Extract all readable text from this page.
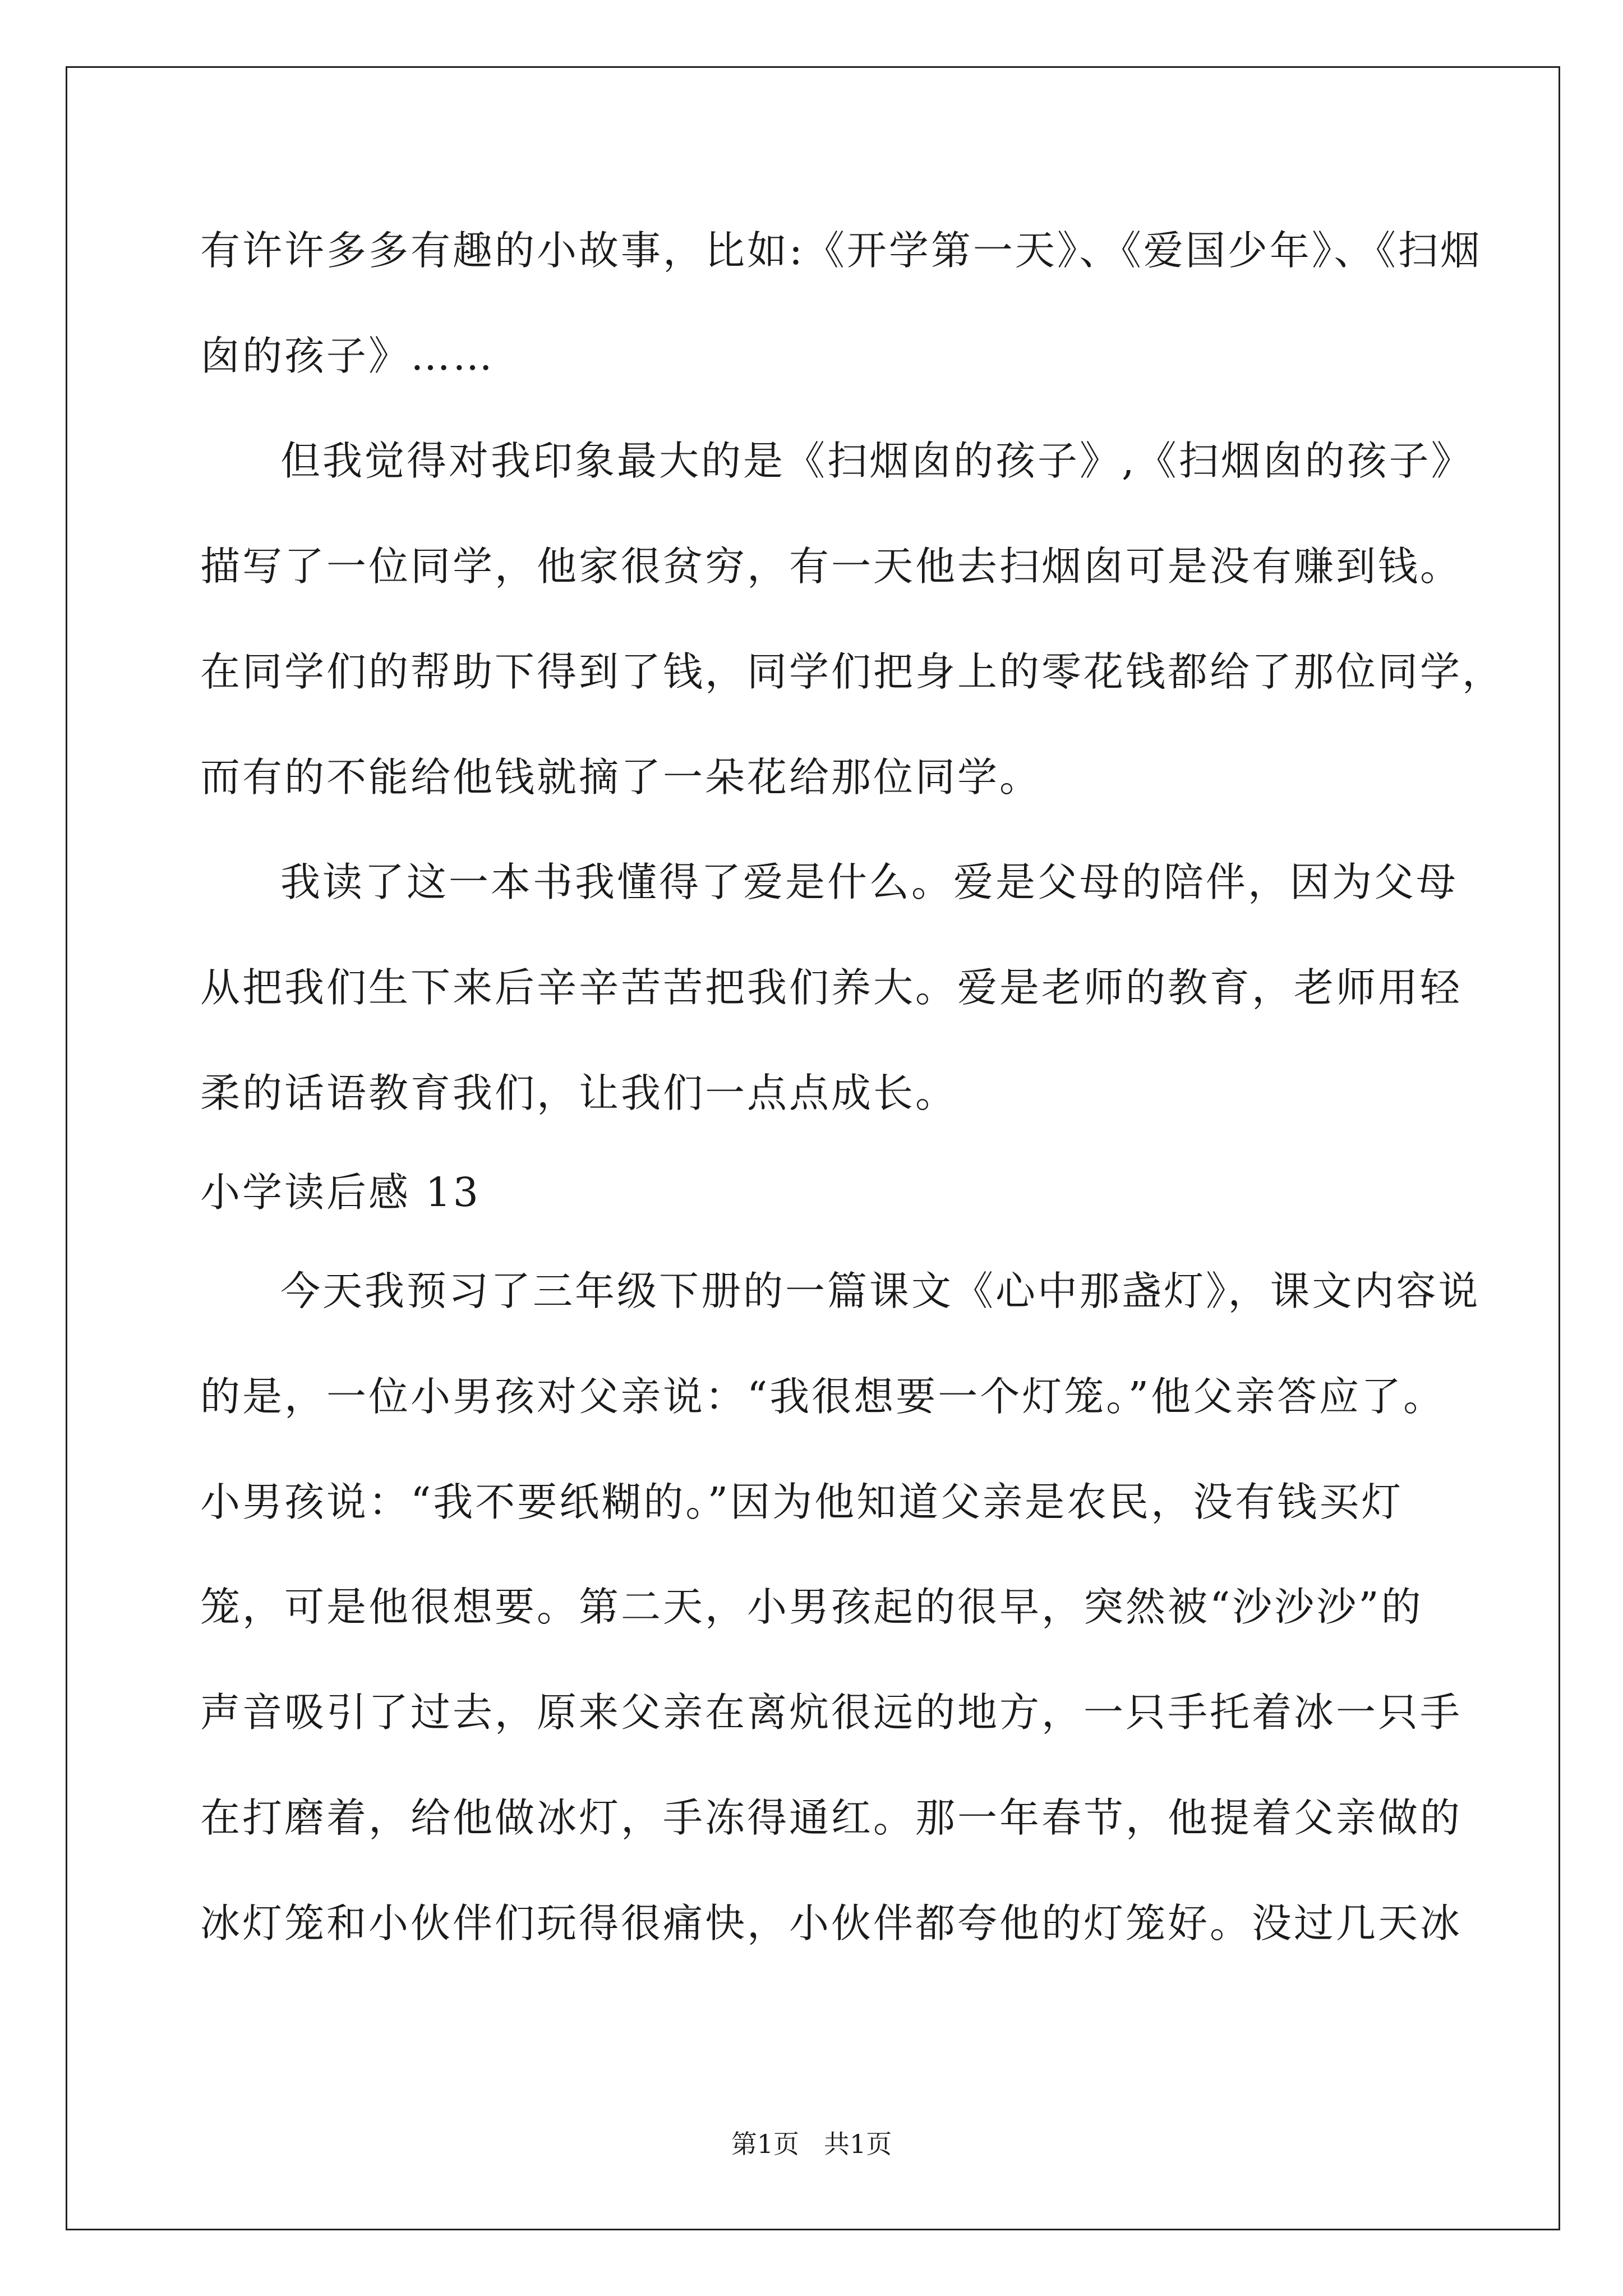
有许许多多有趣的小故事，比如:《开学第一天》、《爱国少年》、《扫烟
囱的孩子》……
但我觉得对我印象最大的是《扫烟囱的孩子》,《扫烟囱的孩子》
描写了一位同学，他家很贫穷，有一天他去扫烟囱可是没有赚到钱。
在同学们的帮助下得到了钱，同学们把身上的零花钱都给了那位同学，
而有的不能给他钱就摘了一朵花给那位同学。
我读了这一本书我懂得了爱是什么。爱是父母的陪伴，因为父母
从把我们生下来后辛辛苦苦把我们养大。爱是老师的教育，老师用轻
柔的话语教育我们，让我们一点点成长。
小学读后感 13
今天我预习了三年级下册的一篇课文《心中那盏灯》，课文内容说
的是，一位小男孩对父亲说：“我很想要一个灯笼。”他父亲答应了。
小男孩说：“我不要纸糊的。”因为他知道父亲是农民，没有钱买灯
笼，可是他很想要。第二天，小男孩起的很早，突然被“沙沙沙”的
声音吸引了过去，原来父亲在离炕很远的地方，一只手托着冰一只手
在打磨着，给他做冰灯，手冻得通红。那一年春节，他提着父亲做的
冰灯笼和小伙伴们玩得很痛快，小伙伴都夸他的灯笼好。没过几天冰
第1页 共1页
